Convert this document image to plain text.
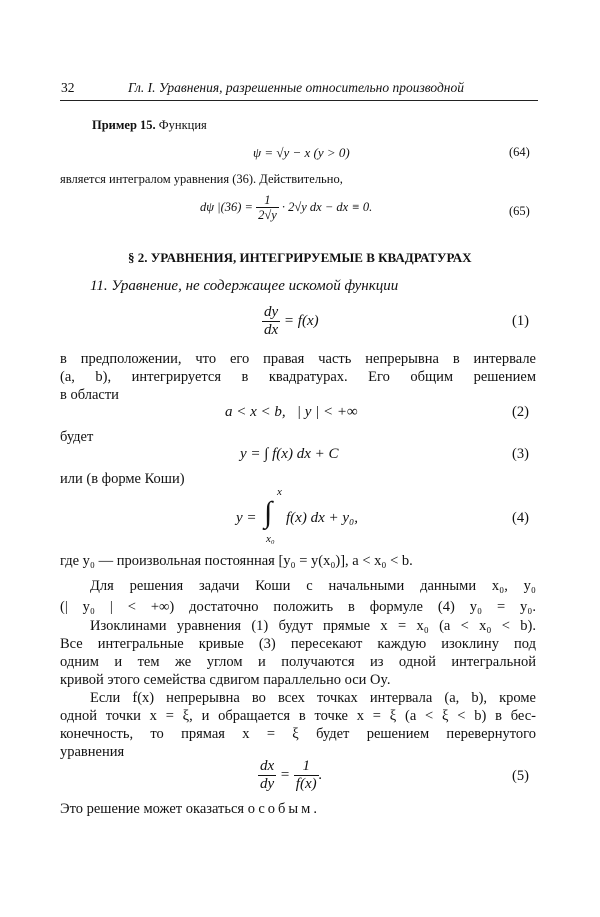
32	Гл. I. Уравнения, разрешенные относительно производной
Пример 15. Функция
ψ = √y − x (y > 0)	(64)
является интегралом уравнения (36). Действительно,
dψ $|(36) = \frac{1}{2√y} \cdot 2√y$ dx − dx ≡ 0.	(65)
§ 2. УРАВНЕНИЯ, ИНТЕГРИРУЕМЫЕ В КВАДРАТУРАХ
11. Уравнение, не содержащее искомой функции
$\frac{dy}{dx} = f(x)$	(1)
в предположении, что его правая часть непрерывна в интервале
(a, b), интегрируется в квадратурах. Его общим решением
в области
a < x < b,   | y | < +∞	(2)
будет
y = ∫ f(x) dx + C	(3)
или (в форме Коши)
y =
x
∫
x₀
f(x) dx + y₀,	(4)
где y₀ — произвольная постоянная [y₀ = y(x₀)], a < x₀ < b.
Для решения задачи Коши с начальными данными x₀, y₀
(| y₀ | < +∞) достаточно положить в формуле (4) y₀ = y₀.
Изоклинами уравнения (1) будут прямые x = x₀ (a < x₀ < b).
Все интегральные кривые (3) пересекают каждую изоклину под
одним и тем же углом и получаются из одной интегральной
кривой этого семейства сдвигом параллельно оси Oy.
Если f(x) непрерывна во всех точках интервала (a, b), кроме
одной точки x = ξ, и обращается в точке x = ξ (a < ξ < b) в бес-
конечность, то прямая x = ξ будет решением перевернутого
уравнения
$\frac{dx}{dy} = \frac{1}{f(x)}$ .	(5)
Это решение может оказаться особым.
